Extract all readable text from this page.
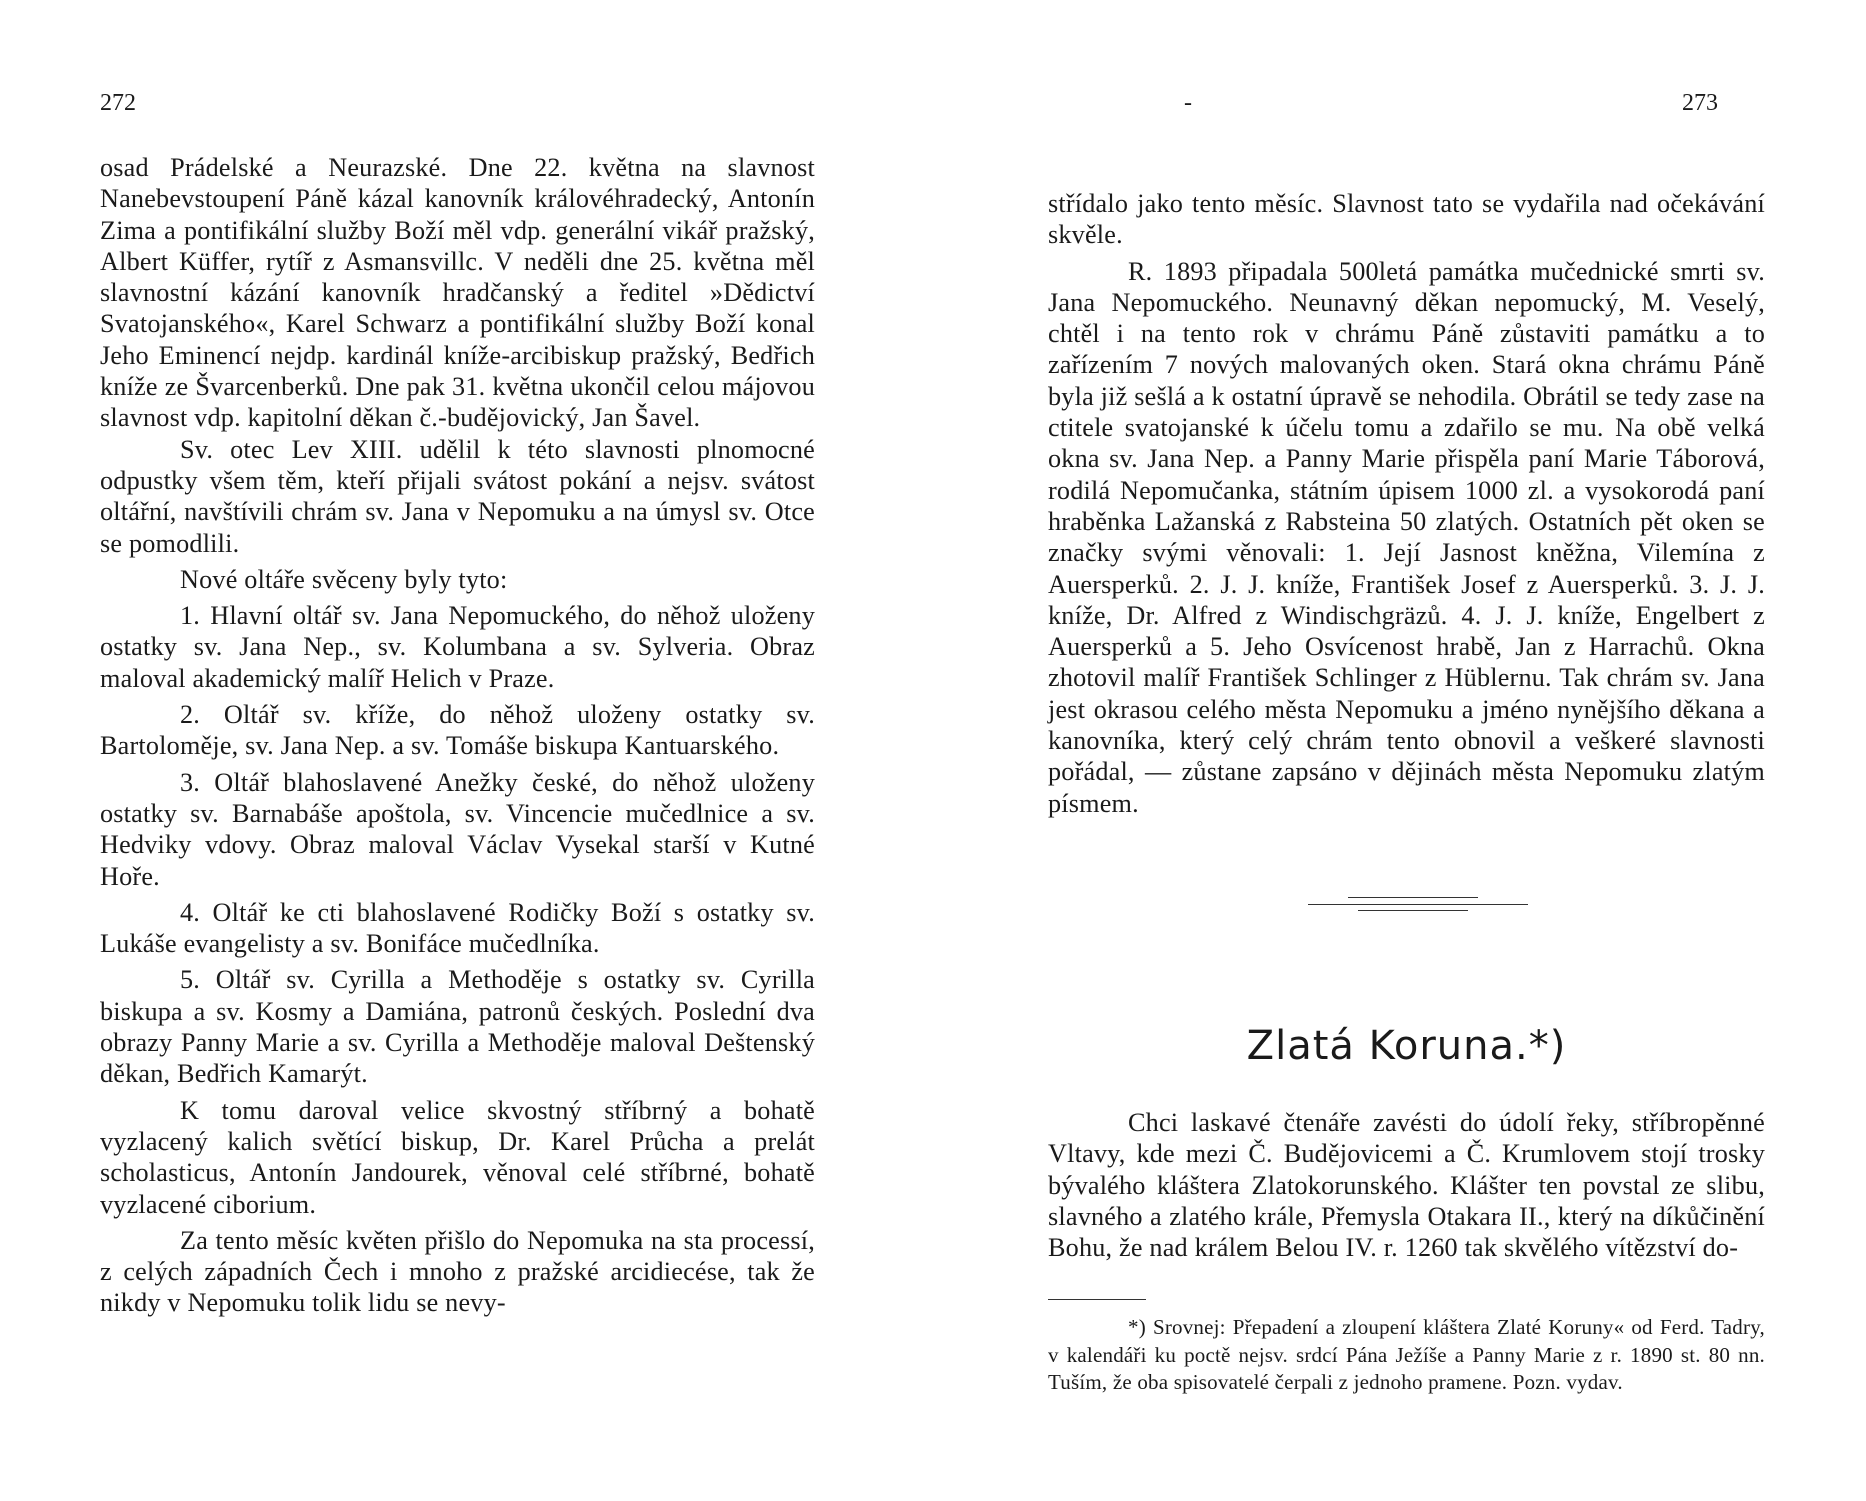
272

osad Prádelské a Neurazské. Dne 22. května na slavnost Nanebevstoupení Páně kázal kanovník královéhradecký, Antonín Zima a pontifikální služby Boží měl vdp. generální vikář pražský, Albert Küffer, rytíř z Asmansvillc. V neděli dne 25. května měl slavnostní kázání kanovník hradčanský a ředitel »Dědictví Svatojanského«, Karel Schwarz a pontifikální služby Boží konal Jeho Eminencí nejdp. kardinál kníže-arcibiskup pražský, Bedřich kníže ze Švarcenberků. Dne pak 31. května ukončil celou májovou slavnost vdp. kapitolní děkan č.-budějovický, Jan Šavel.

Sv. otec Lev XIII. udělil k této slavnosti plnomocné odpustky všem těm, kteří přijali svátost pokání a nejsv. svátost oltářní, navštívili chrám sv. Jana v Nepomuku a na úmysl sv. Otce se pomodlili.

Nové oltáře svěceny byly tyto:

1. Hlavní oltář sv. Jana Nepomuckého, do něhož uloženy ostatky sv. Jana Nep., sv. Kolumbana a sv. Sylveria. Obraz maloval akademický malíř Helich v Praze.

2. Oltář sv. kříže, do něhož uloženy ostatky sv. Bartoloměje, sv. Jana Nep. a sv. Tomáše biskupa Kantuarského.

3. Oltář blahoslavené Anežky české, do něhož uloženy ostatky sv. Barnabáše apoštola, sv. Vincencie mučedlnice a sv. Hedviky vdovy. Obraz maloval Václav Vysekal starší v Kutné Hoře.

4. Oltář ke cti blahoslavené Rodičky Boží s ostatky sv. Lukáše evangelisty a sv. Bonifáce mučedlníka.

5. Oltář sv. Cyrilla a Methoděje s ostatky sv. Cyrilla biskupa a sv. Kosmy a Damiána, patronů českých. Poslední dva obrazy Panny Marie a sv. Cyrilla a Methoděje maloval Deštenský děkan, Bedřich Kamarýt.

K tomu daroval velice skvostný stříbrný a bohatě vyzlacený kalich světící biskup, Dr. Karel Průcha a prelát scholasticus, Antonín Jandourek, věnoval celé stříbrné, bohatě vyzlacené ciborium.

Za tento měsíc květen přišlo do Nepomuka na sta processí, z celých západních Čech i mnoho z pražské arcidiecése, tak že nikdy v Nepomuku tolik lidu se nevy-

-	273

střídalo jako tento měsíc. Slavnost tato se vydařila nad očekávání skvěle.

R. 1893 připadala 500letá památka mučednické smrti sv. Jana Nepomuckého. Neunavný děkan nepomucký, M. Veselý, chtěl i na tento rok v chrámu Páně zůstaviti památku a to zařízením 7 nových malovaných oken. Stará okna chrámu Páně byla již sešlá a k ostatní úpravě se nehodila. Obrátil se tedy zase na ctitele svatojanské k účelu tomu a zdařilo se mu. Na obě velká okna sv. Jana Nep. a Panny Marie přispěla paní Marie Táborová, rodilá Nepomučanka, státním úpisem 1000 zl. a vysokorodá paní hraběnka Lažanská z Rabsteina 50 zlatých. Ostatních pět oken se značky svými věnovali: 1. Její Jasnost kněžna, Vilemína z Auersperků. 2. J. J. kníže, František Josef z Auersperků. 3. J. J. kníže, Dr. Alfred z Windischgräzů. 4. J. J. kníže, Engelbert z Auersperků a 5. Jeho Osvícenost hrabě, Jan z Harrachů. Okna zhotovil malíř František Schlinger z Hüblernu. Tak chrám sv. Jana jest okrasou celého města Nepomuku a jméno nynějšího děkana a kanovníka, který celý chrám tento obnovil a veškeré slavnosti pořádal, — zůstane zapsáno v dějinách města Nepomuku zlatým písmem.

Zlatá Koruna.*)

Chci laskavé čtenáře zavésti do údolí řeky, stříbropěnné Vltavy, kde mezi Č. Budějovicemi a Č. Krumlovem stojí trosky bývalého kláštera Zlatokorunského. Klášter ten povstal ze slibu, slavného a zlatého krále, Přemysla Otakara II., který na díkůčinění Bohu, že nad králem Belou IV. r. 1260 tak skvělého vítězství do-

*) Srovnej: Přepadení a zloupení kláštera Zlaté Koruny« od Ferd. Tadry, v kalendáři ku poctě nejsv. srdcí Pána Ježíše a Panny Marie z r. 1890 st. 80 nn. Tuším, že oba spisovatelé čerpali z jednoho pramene. Pozn. vydav.
